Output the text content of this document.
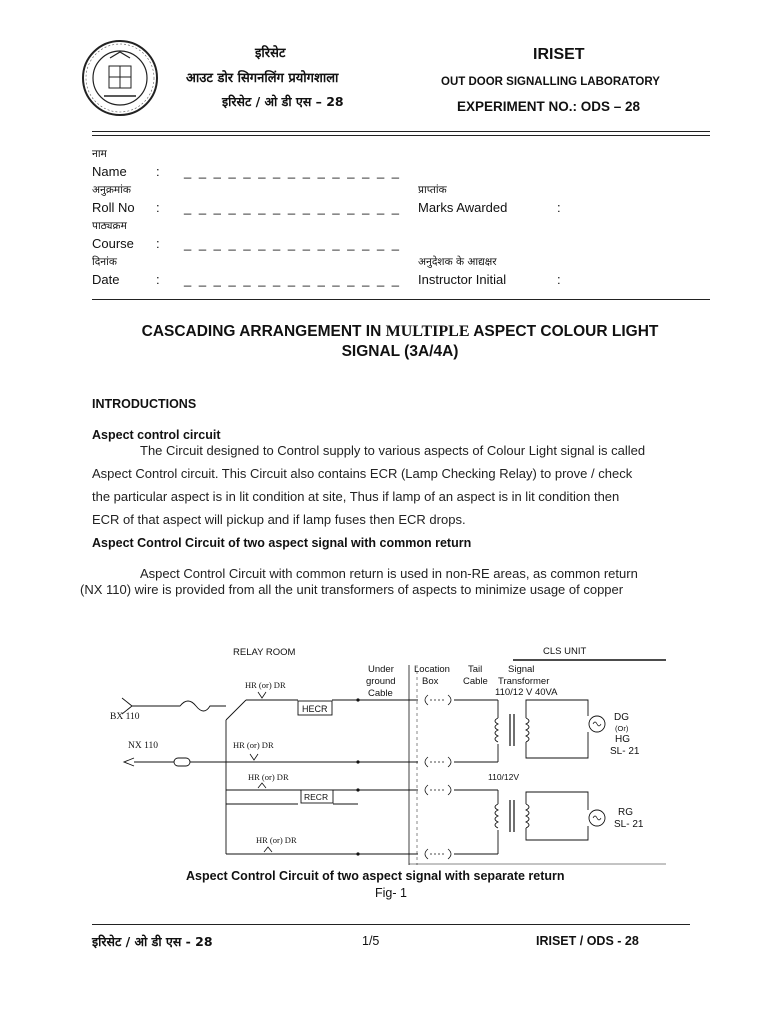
इरिसेट
आउट डोर सिगनलिंग प्रयोगशाला
इरिसेट / ओ डी एस – 28
IRISET
OUT DOOR SIGNALLING LABORATORY
EXPERIMENT NO.: ODS – 28
नाम
Name : _ _ _ _ _ _ _ _ _ _ _ _ _ _ _
अनुक्रमांक
Roll No : _ _ _ _ _ _ _ _ _ _ _ _ _ _ _
पाठ्यक्रम
Course : _ _ _ _ _ _ _ _ _ _ _ _ _ _ _
दिनांक
Date	: _ _ _ _ _ _ _ _ _ _ _ _ _ _ _
प्राप्तांक
Marks Awarded	:
अनुदेशक के आद्यक्षर
Instructor Initial	:
CASCADING ARRANGEMENT IN MULTIPLE ASPECT COLOUR LIGHT
SIGNAL (3A/4A)
INTRODUCTIONS
Aspect control circuit
The Circuit designed to Control supply to various aspects of Colour Light signal is called
Aspect Control circuit. This Circuit also contains ECR (Lamp Checking Relay) to prove / check
the particular aspect is in lit condition at site, Thus if lamp of an aspect is in lit condition then
ECR of that aspect will pickup and if lamp fuses then ECR drops.
Aspect Control Circuit of two aspect signal with common return
Aspect Control Circuit with common return is used in non-RE areas, as common return
(NX 110) wire is provided from all the unit transformers of aspects to minimize usage of copper
RELAY ROOM	CLS UNIT
Under
ground
Cable
Location
Box
Tail
Cable
Signal
Transformer
110/12 V 40VA
BX 110
NX 110
HR (or) DR
HECR
HR (or) DR
HR (or) DR	110/12V
RECR
HR (or) DR
DG
(Or)
HG
SL- 21
RG
SL- 21
Aspect Control Circuit of two aspect signal with separate return
Fig- 1
इरिसेट / ओ डी एस - 28	1/5	IRISET / ODS - 28
